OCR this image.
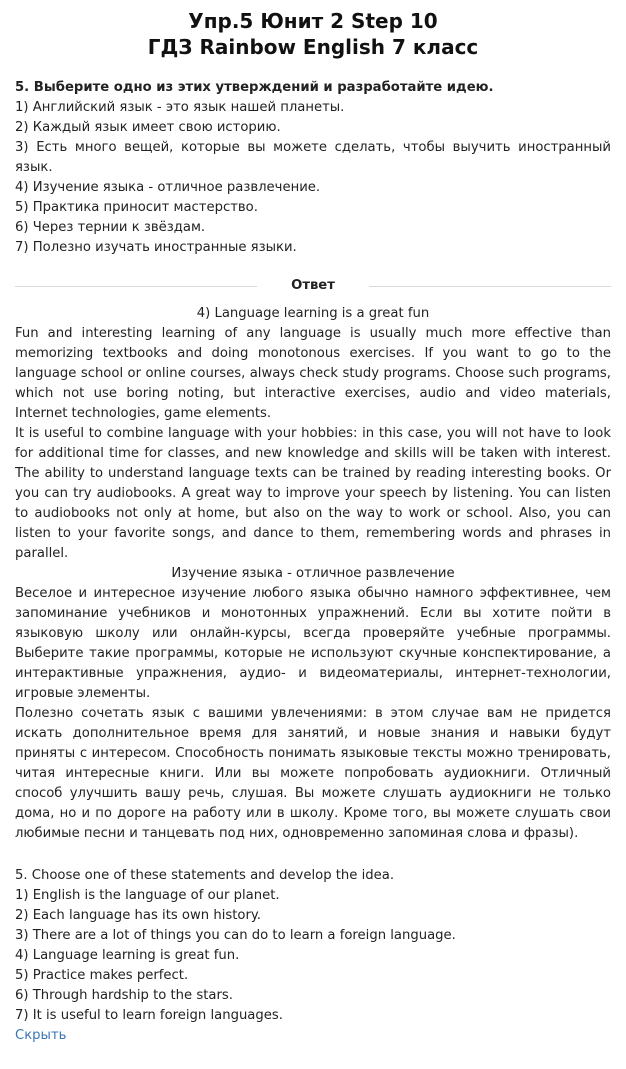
Упр.5 Юнит 2 Step 10
ГДЗ Rainbow English 7 класс

5. Выберите одно из этих утверждений и разработайте идею.

1) Английский язык - это язык нашей планеты.

2) Каждый язык имеет свою историю.

3) Есть много вещей, которые вы можете сделать, чтобы выучить иностранный язык.

4) Изучение языка - отличное развлечение.

5) Практика приносит мастерство.

6) Через тернии к звёздам.

7) Полезно изучать иностранные языки.

Ответ

4) Language learning is a great fun

Fun and interesting learning of any language is usually much more effective than memorizing textbooks and doing monotonous exercises. If you want to go to the language school or online courses, always check study programs. Choose such programs, which not use boring noting, but interactive exercises, audio and video materials, Internet technologies, game elements.

It is useful to combine language with your hobbies: in this case, you will not have to look for additional time for classes, and new knowledge and skills will be taken with interest. The ability to understand language texts can be trained by reading interesting books. Or you can try audiobooks. A great way to improve your speech by listening. You can listen to audiobooks not only at home, but also on the way to work or school. Also, you can listen to your favorite songs, and dance to them, remembering words and phrases in parallel.

Изучение языка - отличное развлечение

Веселое и интересное изучение любого языка обычно намного эффективнее, чем запоминание учебников и монотонных упражнений. Если вы хотите пойти в языковую школу или онлайн-курсы, всегда проверяйте учебные программы. Выберите такие программы, которые не используют скучные конспектирование, а интерактивные упражнения, аудио- и видеоматериалы, интернет-технологии, игровые элементы.

Полезно сочетать язык с вашими увлечениями: в этом случае вам не придется искать дополнительное время для занятий, и новые знания и навыки будут приняты с интересом. Способность понимать языковые тексты можно тренировать, читая интересные книги. Или вы можете попробовать аудиокниги. Отличный способ улучшить вашу речь, слушая. Вы можете слушать аудиокниги не только дома, но и по дороге на работу или в школу. Кроме того, вы можете слушать свои любимые песни и танцевать под них, одновременно запоминая слова и фразы).

5. Choose one of these statements and develop the idea.

1) English is the language of our planet.

2) Each language has its own history.

3) There are a lot of things you can do to learn a foreign language.

4) Language learning is great fun.

5) Practice makes perfect.

6) Through hardship to the stars.

7) It is useful to learn foreign languages.

Скрыть
